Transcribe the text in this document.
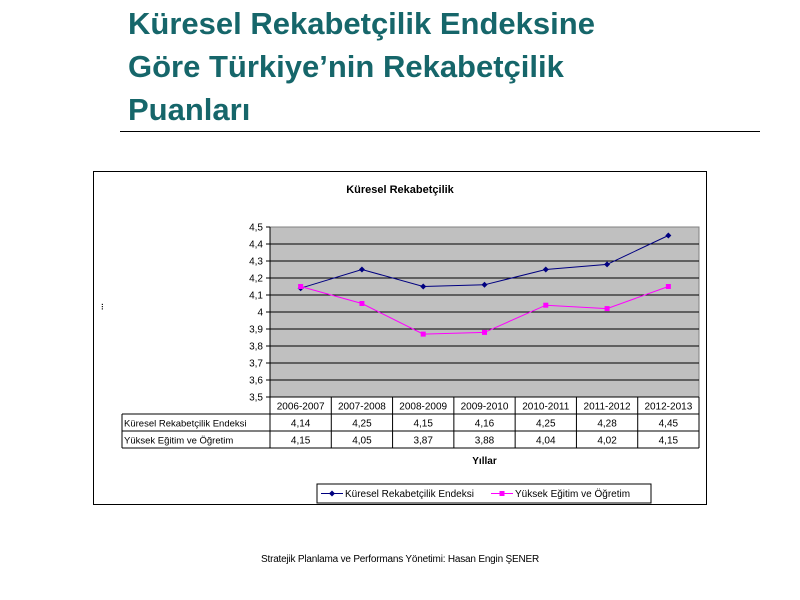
Küresel Rekabetçilik Endeksine
Göre Türkiye’nin Rekabetçilik
Puanları
Küresel Rekabetçilik
...
3,5
3,6
3,7
3,8
3,9
4
4,1
4,2
4,3
4,4
4,5
2006-2007 2007-2008 2008-2009 2009-2010 2010-2011 2011-2012 2012-2013
Küresel Rekabetçilik Endeksi	4,14	4,25	4,15	4,16	4,25	4,28	4,45
Yüksek Eğitim ve Öğretim	4,15	4,05	3,87	3,88	4,04	4,02	4,15
Yıllar
Küresel Rekabetçilik Endeksi	Yüksek Eğitim ve Öğretim
Stratejik Planlama ve Performans Yönetimi: Hasan Engin ŞENER
